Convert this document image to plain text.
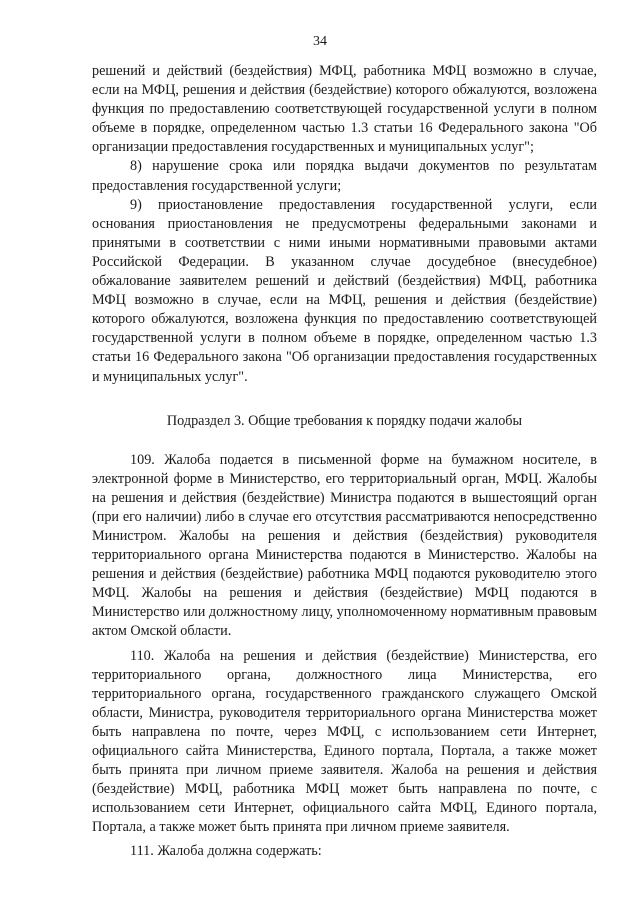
34

решений и действий (бездействия) МФЦ, работника МФЦ возможно в случае, если на МФЦ, решения и действия (бездействие) которого обжалуются, возложена функция по предоставлению соответствующей государственной услуги в полном объеме в порядке, определенном частью 1.3 статьи 16 Федерального закона "Об организации предоставления государственных и муниципальных услуг";

8) нарушение срока или порядка выдачи документов по результатам предоставления государственной услуги;

9) приостановление предоставления государственной услуги, если основания приостановления не предусмотрены федеральными законами и принятыми в соответствии с ними иными нормативными правовыми актами Российской Федерации. В указанном случае досудебное (внесудебное) обжалование заявителем решений и действий (бездействия) МФЦ, работника МФЦ возможно в случае, если на МФЦ, решения и действия (бездействие) которого обжалуются, возложена функция по предоставлению соответствующей государственной услуги в полном объеме в порядке, определенном частью 1.3 статьи 16 Федерального закона "Об организации предоставления государственных и муниципальных услуг".

Подраздел 3. Общие требования к порядку подачи жалобы

109. Жалоба подается в письменной форме на бумажном носителе, в электронной форме в Министерство, его территориальный орган, МФЦ. Жалобы на решения и действия (бездействие) Министра подаются в вышестоящий орган (при его наличии) либо в случае его отсутствия рассматриваются непосредственно Министром. Жалобы на решения и действия (бездействия) руководителя территориального органа Министерства подаются в Министерство. Жалобы на решения и действия (бездействие) работника МФЦ подаются руководителю этого МФЦ. Жалобы на решения и действия (бездействие) МФЦ подаются в Министерство или должностному лицу, уполномоченному нормативным правовым актом Омской области.

110. Жалоба на решения и действия (бездействие) Министерства, его территориального органа, должностного лица Министерства, его территориального органа, государственного гражданского служащего Омской области, Министра, руководителя территориального органа Министерства может быть направлена по почте, через МФЦ, с использованием сети Интернет, официального сайта Министерства, Единого портала, Портала, а также может быть принята при личном приеме заявителя. Жалоба на решения и действия (бездействие) МФЦ, работника МФЦ может быть направлена по почте, с использованием сети Интернет, официального сайта МФЦ, Единого портала, Портала, а также может быть принята при личном приеме заявителя.

111. Жалоба должна содержать:
